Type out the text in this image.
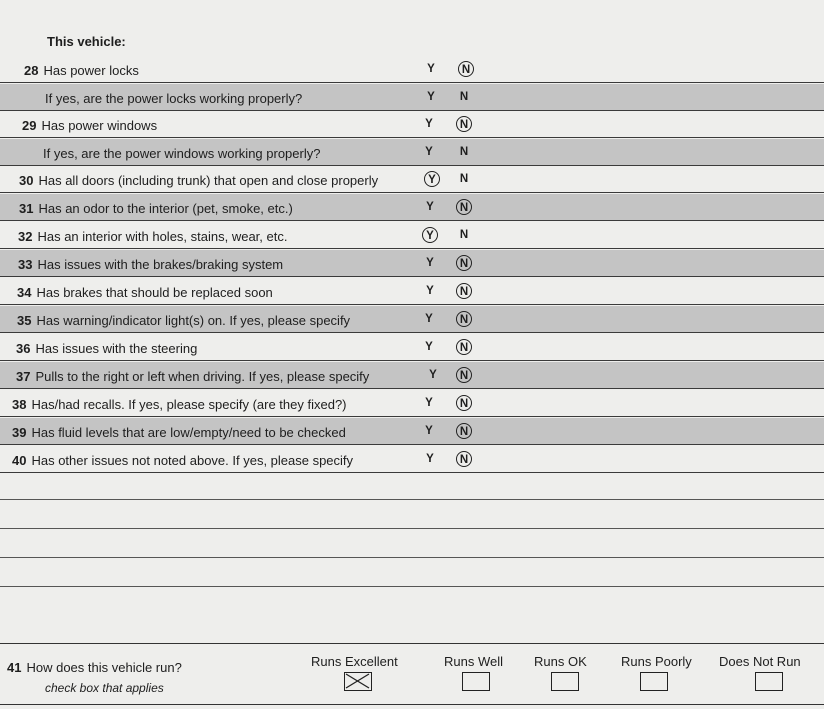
This vehicle:
28 Has power locks	Y	N
If yes, are the power locks working properly?	Y	N
29 Has power windows	Y	N
If yes, are the power windows working properly?	Y	N
30 Has all doors (including trunk) that open and close properly	Y	N
31 Has an odor to the interior (pet, smoke, etc.)	Y	N
32 Has an interior with holes, stains, wear, etc.	Y	N
33 Has issues with the brakes/braking system	Y	N
34 Has brakes that should be replaced soon	Y	N
35 Has warning/indicator light(s) on. If yes, please specify	Y	N
36 Has issues with the steering	Y	N
37 Pulls to the right or left when driving. If yes, please specify	Y	N
38 Has/had recalls. If yes, please specify (are they fixed?)	Y	N
39 Has fluid levels that are low/empty/need to be checked	Y	N
40 Has other issues not noted above. If yes, please specify	Y	N
41 How does this vehicle run?
check box that applies
Runs Excellent	Runs Well Runs OK	Runs Poorly Does Not Run
